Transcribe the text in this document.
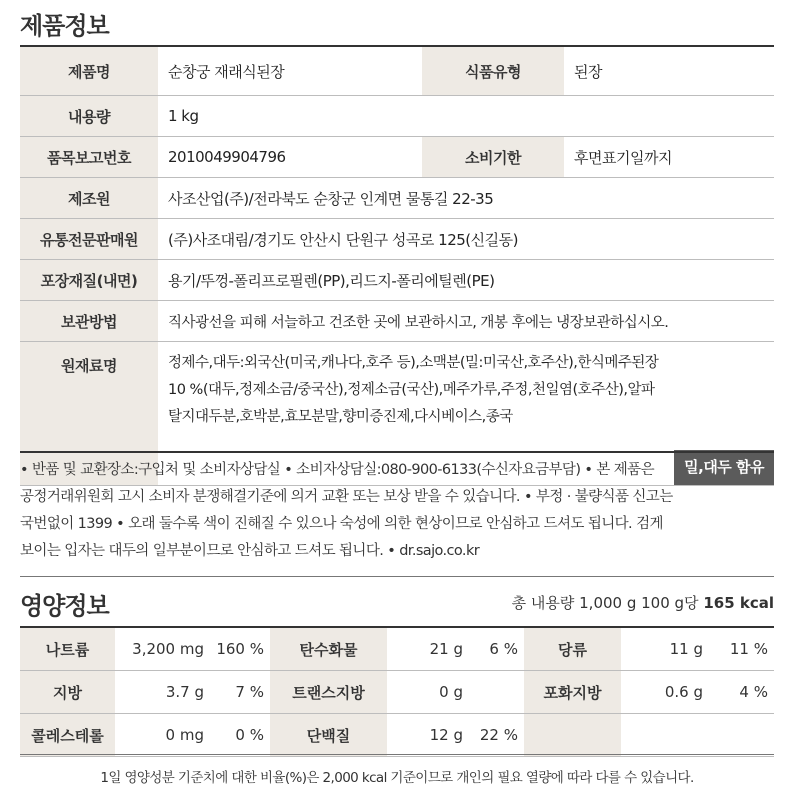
제품정보
제품명	순창궁 재래식된장	식품유형	된장
내용량	1 kg		
품목보고번호	2010049904796	소비기한	후면표기일까지
제조원	사조산업(주)/전라북도 순창군 인계면 물통길 22-35		
유통전문판매원	(주)사조대림/경기도 안산시 단원구 성곡로 125(신길동)		
포장재질(내면)	용기/뚜껑-폴리프로필렌(PP),리드지-폴리에틸렌(PE)		
보관방법	직사광선을 피해 서늘하고 건조한 곳에 보관하시고, 개봉 후에는 냉장보관하십시오.		
원재료명	정제수,대두:외국산(미국,캐나다,호주 등),소맥분(밀:미국산,호주산),한식메주된장
10 %(대두,정제소금/중국산),정제소금(국산),메주가루,주정,천일염(호주산),알파
탈지대두분,호박분,효모분말,향미증진제,다시베이스,종국
밀,대두 함유		
• 반품 및 교환장소:구입처 및 소비자상담실 • 소비자상담실:080-900-6133(수신자요금부담) • 본 제품은
공정거래위원회 고시 소비자 분쟁해결기준에 의거 교환 또는 보상 받을 수 있습니다. • 부정 · 불량식품 신고는
국번없이 1399 • 오래 둘수록 색이 진해질 수 있으나 숙성에 의한 현상이므로 안심하고 드셔도 됩니다. 검게
보이는 입자는 대두의 일부분이므로 안심하고 드셔도 됩니다. • dr.sajo.co.kr
영양정보	총 내용량 1,000 g 100 g당 165 kcal
나트륨	3,200 mg	160 %	탄수화물	21 g	6 %	당류	11 g	11 %
지방	3.7 g	7 %	트랜스지방	0 g		포화지방	0.6 g	4 %
콜레스테롤	0 mg	0 %	단백질	12 g	22 %			
1일 영양성분 기준치에 대한 비율(%)은 2,000 kcal 기준이므로 개인의 필요 열량에 따라 다를 수 있습니다.
